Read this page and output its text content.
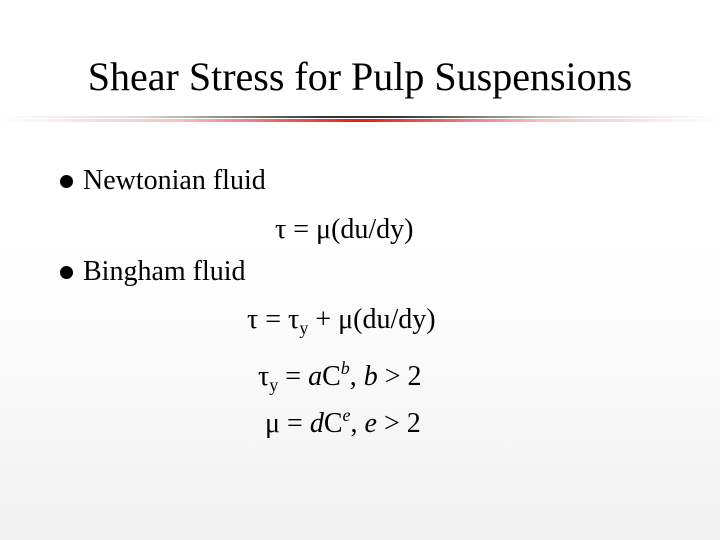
Shear Stress for Pulp Suspensions
Newtonian fluid
τ = μ(du/dy)
Bingham fluid
$\tau = \tau_y + \mu(du/dy)$
$\tau_y = aC^b$, b > 2
$\mu = dC^e$, e > 2
